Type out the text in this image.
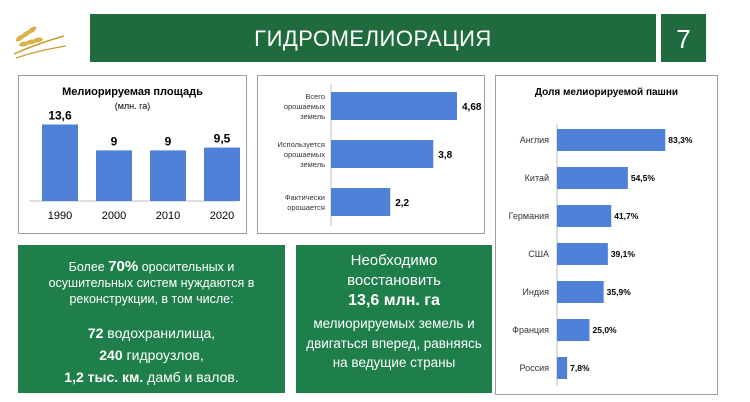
ГИДРОМЕЛИОРАЦИЯ	7
Мелиорируемая площадь
(млн. га)
13,6
1990
9
2000
9
2010
9,5
2020
4,68
Всего
орошаемых
земель
3,8
Используется
орошаемых
земель
2,2
Фактически
орошается
Доля мелиорируемой пашни
83,3%
Англия
54,5%
Китай
41,7%
Германия
39,1%
США
35,9%
Индия
25,0%
Франция
7,8%
Россия
Более 70% оросительных и осушительных систем нуждаются в реконструкции, в том числе:
72 водохранилища,
240 гидроузлов,
1,2 тыс. км. дамб и валов.
Необходимо
восстановить
13,6 млн. га
мелиорируемых земель и двигаться вперед, равняясь на ведущие страны
